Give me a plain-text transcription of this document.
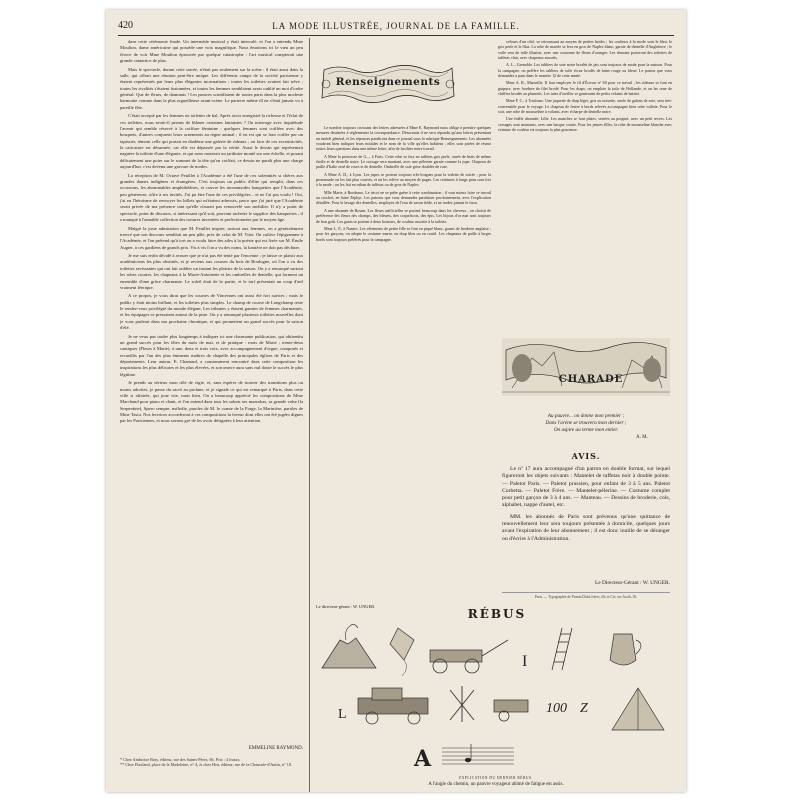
420	LA MODE ILLUSTRÉE, JOURNAL DE LA FAMILLE.

dans cette cérémonie finale. Un intermède musical y était intercalé, et l'on a entendu Mme Moulton, dame américaine qui possède une voix magnifique. Nous émotions ici le vœu un peu féroce de voir Mme Moulton éprouvée par quelque catastrophe : l'art musical compterait une grande cantatrice de plus.

Mais le spectacle, durant cette soirée, n'était pas seulement sur la scène : il était aussi dans la salle, qui offrait une réunion peut-être unique. Les différents camps de la société parisienne y étaient représentés par leurs plus élégantes incarnations ; toutes les toilettes avaient fait trêve ; toutes les rivalités s'étaient fusionnées, et toutes les femmes semblaient avoir oublié un mot d'ordre général. Que de fleurs, de diamants ! Les parures scintillaient de toutes parts dans la plus modeste harmonie comme dans la plus orgueilleuse avant-scène. Le parterre même ill ne s'était jamais vu à pareille fête.

C'était accepté par les femmes en toilettes de bal. Après avoir enregistré la richesse et l'éclat de ces toilettes, nous serait-il permis de blâmer certaines fantaisies ? On interroge avec inquiétude l'avenir qui semble réservé à la coiffure féminine : quelques femmes sont coiffées avec des bosquets, d'autres conjurent leurs ornements au règne animal ; il en est qui se font coiffer par un tapissier, témoin celle qui portait en diadème une galerie de rideaux ; on face de ces excentricités, la caricature est désarmée, car elle est dépassée par la vérité. Aussi le dessin qui représentait naguère la toilette d'une élégante, et qui nous montrait un jardinier monté sur une échelle, et posant délicatement une poire sur le sommet de la tête qu'on coiffait, ce dessin ne paraît plus une charge aujourd'hui, c'est devenu une gravure de modes.

La réception de M. Octave Feuillet à l'Académie a été l'une de ces solennités si chères aux grandes dames indigènes et étrangères. C'est toujours un public d'élite qui remplit, dans ces occasions, les abominables amphithéâtres, et couvre les incommodes banquettes que l'Académie, peu généreuse, offre à ses invités. J'ai pu être l'une de ces privilégiées... et ne l'ai pas voulu ! Oui, j'ai eu l'héroïsme de renvoyer les billets qui m'étaient adressés, parce que j'ai juré que l'Académie serait privée de ma présence tant qu'elle n'aurait pas renouvelé son mobilier. Il n'y a point de spectacle, point de discours, si intéressant qu'il soit, pouvant racheter le supplice des banquettes ; il a manqué à l'aimable collection des tortures inventées et perfectionnées par le moyen âge.

Malgré la juste admiration que M. Feuillet inspire, surtout aux femmes, on a généralement trouvé que son discours semblait un peu pâle, près de celui de M. Vitet. On cultive l'épigramme à l'Académie, et l'on prétend qu'à tort on a voulu faire des ailes à la poésie qui est fixée sur M. Émile Augier, à ces gardiens de grands prix. Vis à vis l'on a vu des noms, la lumière ne doit pas décliner.

Je me suis enfin décidé à avouer que je n'ai pas été tenté par l'enceinte ; je laisse ce plaisir aux académiciens les plus obstinés, et je reviens aux courses du bois de Boulogne, où l'on a vu des toilettes ravissantes qui ont fait oublier un instant les plaisirs de la saison. On y a remarqué surtout les robes courtes, les chapeaux à la Marie-Antoinette et les ombrelles de dentelle, qui forment un ensemble d'une grâce charmante. Le soleil était de la partie, et le turf présentait un coup d'œil vraiment féerique.

A ce propos, je vous dirai que les courses de Vincennes ont aussi été fort suivies ; mais le public y était moins brillant, et les toilettes plus simples. Le champ de course de Longchamp reste le rendez-vous privilégié du monde élégant. Les tribunes y étaient garnies de femmes charmantes, et les équipages se pressaient autour de la piste. On y a remarqué plusieurs toilettes nouvelles dont je vous parlerai dans ma prochaine chronique, et qui promettent un grand succès pour la saison d'été.

Je ne veux pas tarder plus longtemps à indiquer ici une charmante publication, qui obtiendra un grand succès pour les fêtes du mois de mai, et de pratique : mois de Marie ; trente-deux cantiques (Fleurs à Marie), à une, deux et trois voix, avec accompagnement d'orgue, composés et recueillis par l'un des plus éminents maîtres de chapelle des principales églises de Paris et des départements. Leur auteur, E. Chamard, a constamment rencontré dans cette composition les inspirations les plus délicates et les plus élevées, et son œuvre aura sans nul doute le succès le plus légitime.

Je prends au sérieux mon rôle de vigie, et, sans espérer de trouver des transitions plus ou moins adroites, je passe du sacré au profane, et je signale ce qui est remarqué à Paris, dans cette ville si affairée, qui joue vite, mais bien. On a beaucoup apprécié les compositions de Mme Marchand pour piano et chant, et l'on entend dans tous les salons ses mazurkas, sa grande valse (la Serpentine), Spero sempre, mélodie, paroles de M. le comte de la Forge, la Marinière, paroles de Mme Tastu. Nos lectrices accorderont à ces compositions la faveur dont elles ont été jugées dignes par les Parisiennes, et nous savons gré de les avoir désignées à leur attention.

EMMELINE RAYMOND.
* Chez Ambroise Bray, éditeur, rue des Saints-Pères, 66. Prix : 4 francs.
** Chez Flaxland, place de la Madeleine, n° 4, et chez Heu, éditeur, rue de la Chaussée-d'Antin, n° 10.
Renseignements

Le nombre toujours croissant des lettres adressées à Mme E. Raymond nous oblige à prendre quelques mesures destinées à réglementer la correspondance. Désormais il ne sera répondu qu'aux lettres présentant un intérêt général, et les réponses paraîtront dans ce journal sous la rubrique Renseignements. Les abonnées voudront bien indiquer leurs initiales et le nom de la ville qu'elles habitent ; elles sont priées de réunir toutes leurs questions dans une même lettre, afin de faciliter notre travail.

A Mme la princesse de G..., à Paris. Cette robe se fera en taffetas gris perle, ornée de biais de même étoffe et de dentelle noire. Le corsage sera montant, avec une pèlerine garnie comme la jupe. Chapeau de paille d'Italie orné de roses et de dentelle. Ombrelle de soie grise doublée de rose.

A Mme A. D., à Lyon. Les jupes se portent toujours très-longues pour la toilette de soirée ; pour la promenade on les fait plus courtes, et on les relève au moyen de pages. Les ceintures à longs pans sont fort à la mode ; on les fait en ruban de taffetas ou de gros de Naples.

Mlle Marie, à Bordeaux. Le tricot ne se prête guère à cette combinaison ; il vaut mieux faire ce travail au crochet, en laine Zéphyr. Les patrons que vous demandez paraîtront prochainement, avec l'explication détaillée. Pour le lavage des dentelles, employez de l'eau de savon tiède, et ne tordez jamais le tissu.

A une abonnée de Rouen. Les fleurs artificielles se portent beaucoup dans les cheveux ; on choisit de préférence des fleurs des champs, des bleuets, des coquelicots, des épis. Les bijoux d'or mat sont toujours de bon goût. Les gants se portent à deux boutons, de couleur assortie à la toilette.

Mme L. P., à Nantes. Les vêtements de petite fille se font en piqué blanc, garnis de broderie anglaise ; pour les garçons, on adopte le costume marin, en drap bleu ou en coutil. Les chapeaux de paille à larges bords sont toujours préférés pour la campagne.

Le directeur-gérant : W. UNGER.

velours d'un côté, se retroussant au moyen de petites brides ; les couleurs à la mode sont le bleu, le gris perle et le lilas. La robe de mariée se fera en gros de Naples blanc, garnie de dentelle d'Angleterre ; le voile sera de tulle illusion, avec une couronne de fleurs d'oranger. Les témoins porteront des toilettes de taffetas clair, avec chapeaux assortis.

A. L., Grenoble. Les tabliers de soie noire brodés de jais sont toujours de mode pour la maison. Pour la campagne, on préfère les tabliers de toile écrue brodés de laine rouge ou bleue. Le patron que vous demandez a paru dans le numéro 12 de cette année.

Mme A. B., Marseille. Il faut employer le fil d'Écosse n° 60 pour ce travail ; les rideaux se font en guipure, avec bordure de filet brodé. Pour les draps, on emploie la toile de Hollande, et on les orne de chiffres brodés au plumetis. Les taies d'oreiller se garnissent de petits volants de batiste.

Mme F. C., à Toulouse. Une jaquette de drap léger, gris ou noisette, ornée de galons de soie, sera très-convenable pour le voyage. Le chapeau de feutre à bords relevés accompagne bien cette toilette. Pour le soir, une robe de mousseline à volants, avec écharpe de dentelle noire.

Une fidèle abonnée, Lille. Les manches se font plates, serrées au poignet, avec un petit revers. Les corsages sont montants, avec une basque courte. Pour les jeunes filles, la robe de mousseline blanche avec ceinture de couleur est toujours la plus gracieuse.

CHARADE
Au pauvre... on donne mon premier ;
Dans l'arène se trouvera mon dernier ;
On aspire au terme mon entier.
A. M.
AVIS.

Le nº 17 aura accompagné d'un patron en double format, sur lequel figureront les objets suivants : Mantelet de taffetas noir à double pointe. — Paletot Paris. — Paletot prussien, pour enfant de 3 à 5 ans. Paletot Corbetta. — Paletot Frère. — Mantelet-pèlerine. — Costume complet pour petit garçon de 3 à 4 ans. — Manteau. — Dessins de broderie, cols, alphabet, nappe d'autel, etc.

MM. les abonnés de Paris sont prévenus qu'une quittance de renouvellement leur sera toujours présentée à domicile, quelques jours avant l'expiration de leur abonnement ; il est donc inutile de se déranger ou d'écrire à l'Administration.

Le Directeur-Gérant : W. UNGER.
Paris. — Typographie de Firmin Didot frères, fils et Cie, rue Jacob, 56.
RÉBUS
I
L	100 Z
A
EXPLICATION DU DERNIER RÉBUS.
A l'angle du chemin, un pauvre voyageur abimé de fatigue est assis.
